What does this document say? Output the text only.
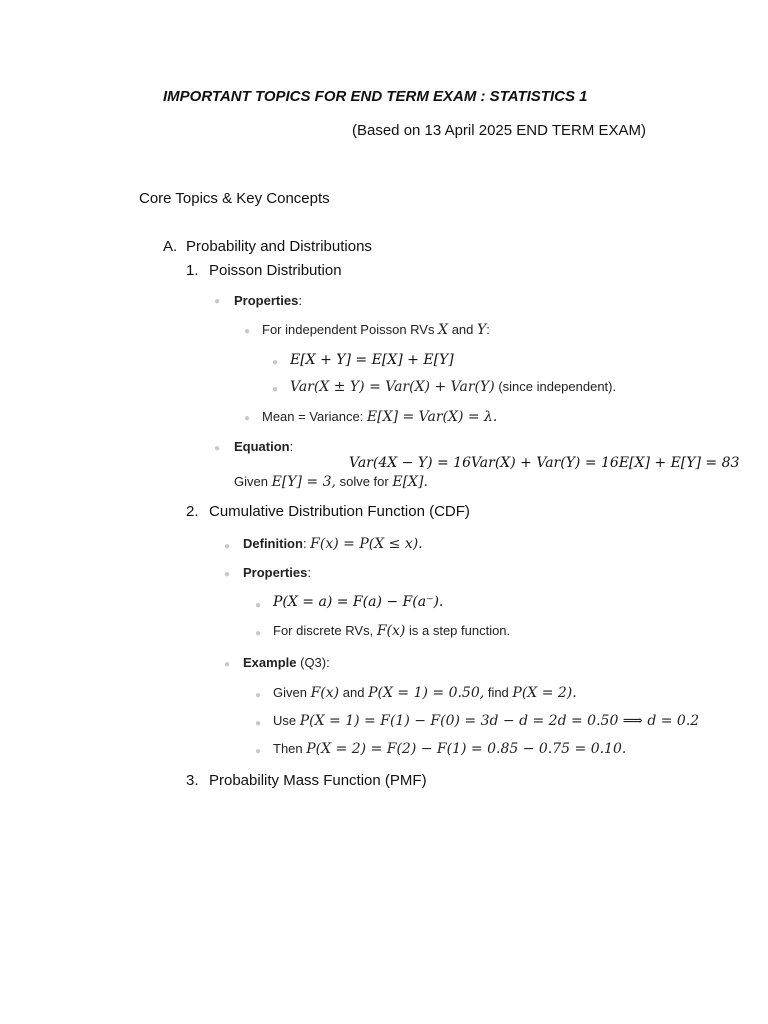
IMPORTANT TOPICS FOR END TERM EXAM : STATISTICS 1
(Based on 13 April 2025 END TERM EXAM)
Core Topics & Key Concepts
A. Probability and Distributions
1. Poisson Distribution
● Properties:
● For independent Poisson RVs X and Y:
● E[X + Y] = E[X] + E[Y]
● Var(X ± Y) = Var(X) + Var(Y) (since independent).
● Mean = Variance: E[X] = Var(X) = λ.
● Equation:
Var(4X − Y) = 16Var(X) + Var(Y) = 16E[X] + E[Y] = 83
Given E[Y] = 3, solve for E[X].
2. Cumulative Distribution Function (CDF)
● Definition: F(x) = P(X ≤ x).
● Properties:
● P(X = a) = F(a) − F(a⁻).
● For discrete RVs, F(x) is a step function.
● Example (Q3):
● Given F(x) and P(X = 1) = 0.50, find P(X = 2).
● Use P(X = 1) = F(1) − F(0) = 3d − d = 2d = 0.50 ⟹ d = 0.2
● Then P(X = 2) = F(2) − F(1) = 0.85 − 0.75 = 0.10.
3. Probability Mass Function (PMF)
